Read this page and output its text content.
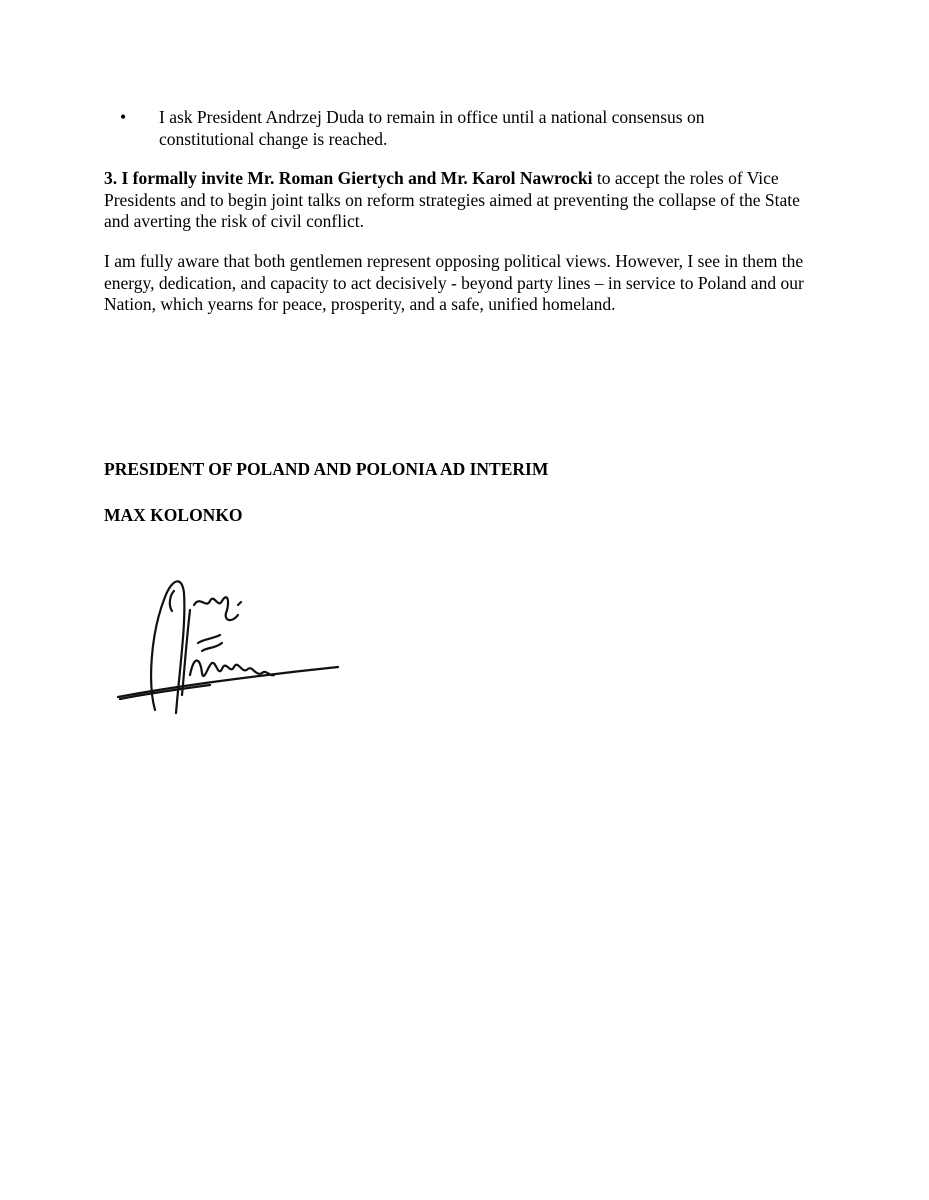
• I ask President Andrzej Duda to remain in office until a national consensus on constitutional change is reached.

3. I formally invite Mr. Roman Giertych and Mr. Karol Nawrocki to accept the roles of Vice Presidents and to begin joint talks on reform strategies aimed at preventing the collapse of the State and averting the risk of civil conflict.

I am fully aware that both gentlemen represent opposing political views. However, I see in them the energy, dedication, and capacity to act decisively - beyond party lines – in service to Poland and our Nation, which yearns for peace, prosperity, and a safe, unified homeland.

PRESIDENT OF POLAND AND POLONIA AD INTERIM
MAX KOLONKO
